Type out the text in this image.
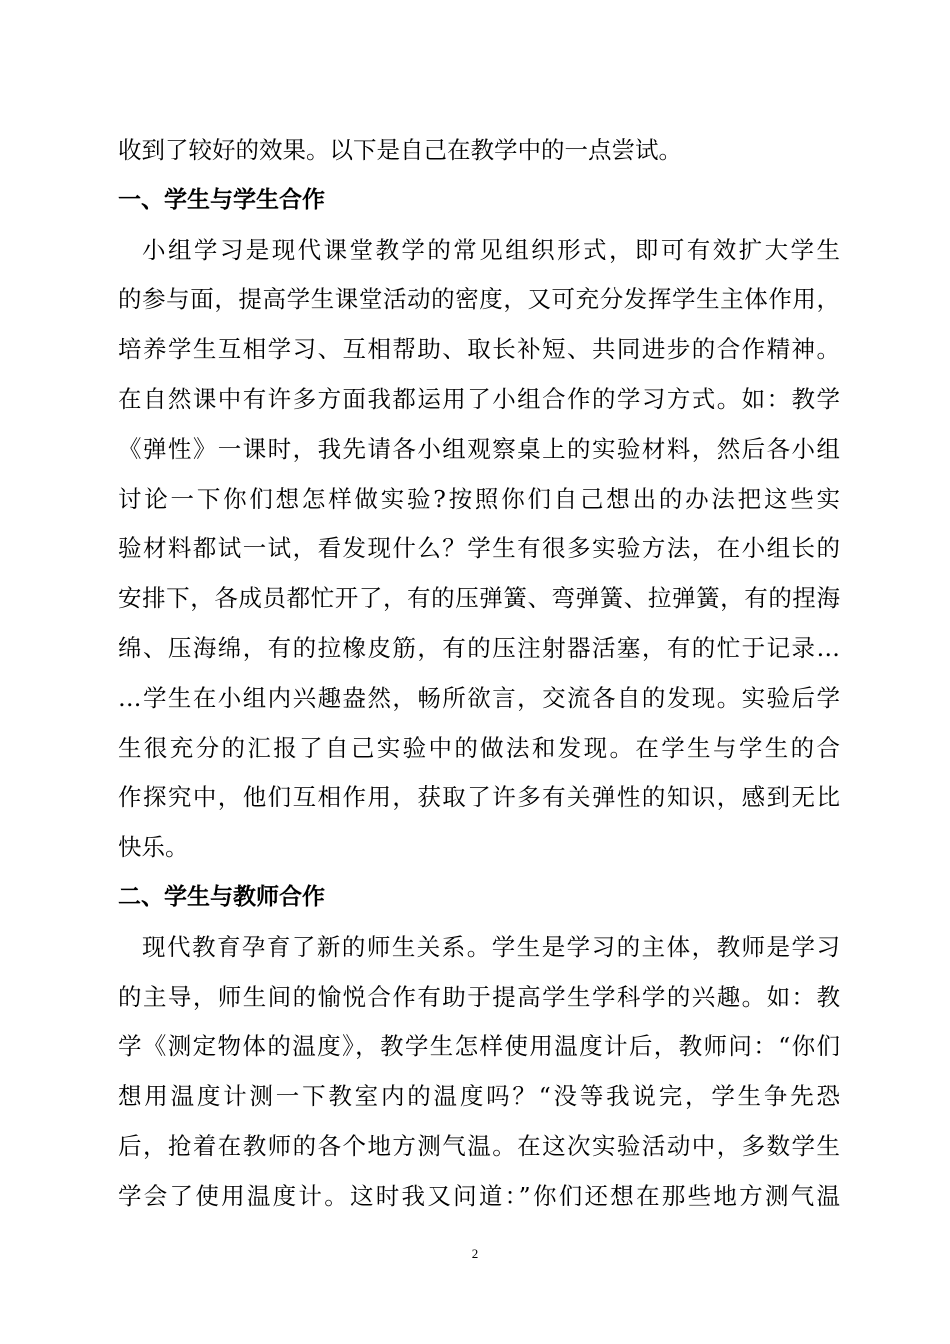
收到了较好的效果。以下是自己在教学中的一点尝试。
一、学生与学生合作
小组学习是现代课堂教学的常见组织形式，即可有效扩大学生
的参与面，提高学生课堂活动的密度，又可充分发挥学生主体作用，
培养学生互相学习、互相帮助、取长补短、共同进步的合作精神。
在自然课中有许多方面我都运用了小组合作的学习方式。如：教学
《弹性》一课时，我先请各小组观察桌上的实验材料，然后各小组
讨论一下你们想怎样做实验?按照你们自己想出的办法把这些实
验材料都试一试，看发现什么？学生有很多实验方法，在小组长的
安排下，各成员都忙开了，有的压弹簧、弯弹簧、拉弹簧，有的捏海
绵、压海绵，有的拉橡皮筋，有的压注射器活塞，有的忙于记录…
…学生在小组内兴趣盎然，畅所欲言，交流各自的发现。实验后学
生很充分的汇报了自己实验中的做法和发现。在学生与学生的合
作探究中，他们互相作用，获取了许多有关弹性的知识，感到无比
快乐。
二、学生与教师合作
现代教育孕育了新的师生关系。学生是学习的主体，教师是学习
的主导，师生间的愉悦合作有助于提高学生学科学的兴趣。如：教
学《测定物体的温度》，教学生怎样使用温度计后，教师问：“你们
想用温度计测一下教室内的温度吗？“没等我说完，学生争先恐
后，抢着在教师的各个地方测气温。在这次实验活动中，多数学生
学会了使用温度计。这时我又问道：”你们还想在那些地方测气温
2
